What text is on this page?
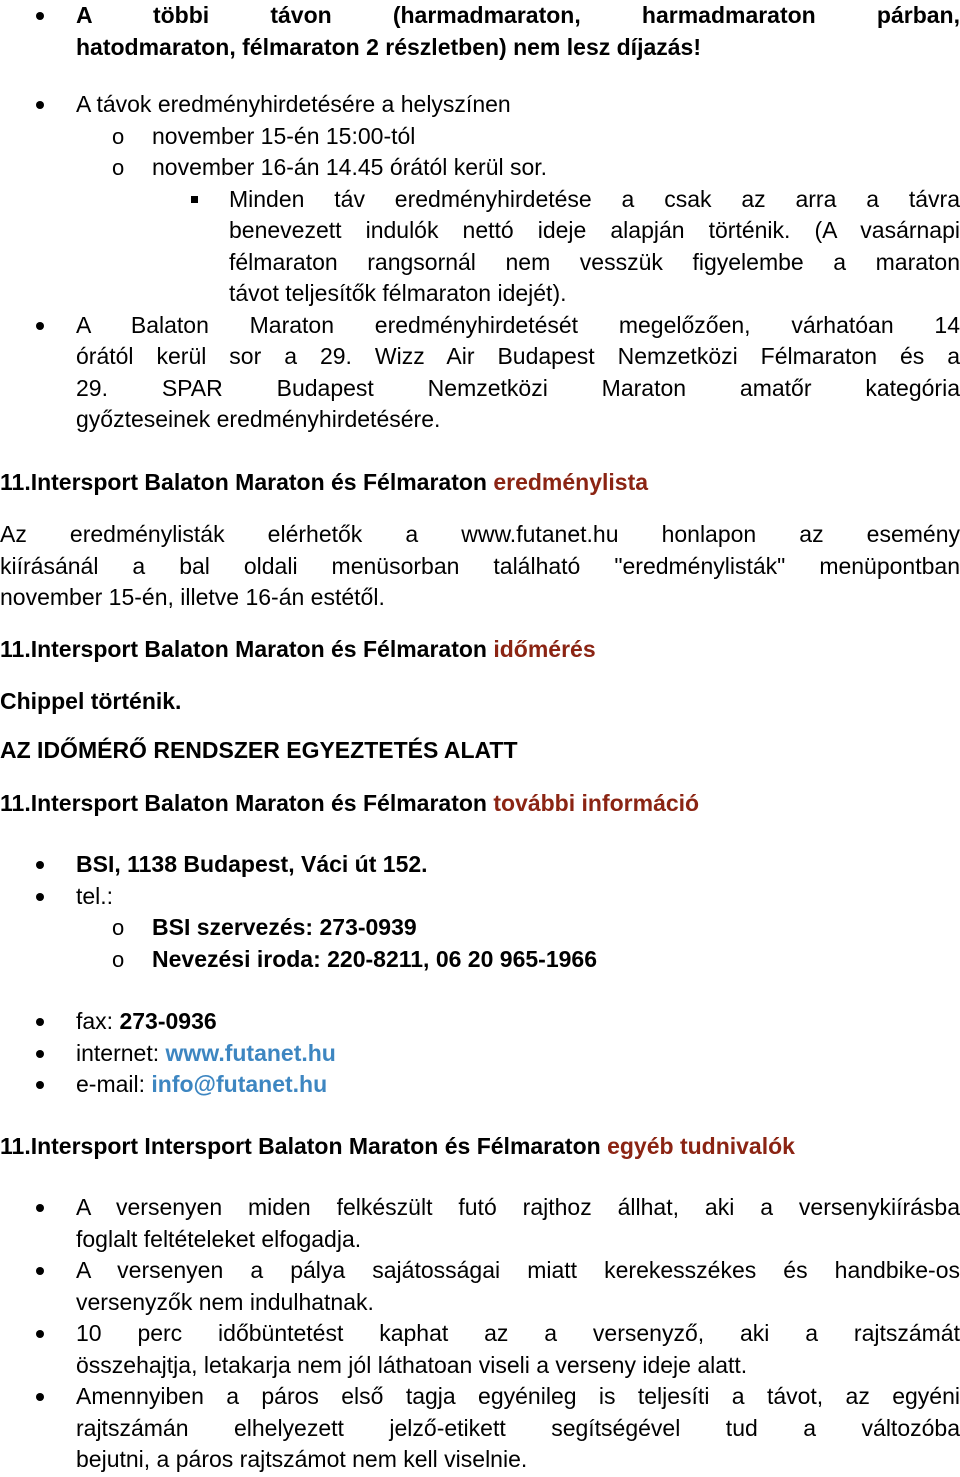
A többi távon (harmadmaraton, harmadmaraton párban,
hatodmaraton, félmaraton 2 részletben) nem lesz díjazás!
A távok eredményhirdetésére a helyszínen
o november 15-én 15:00-tól
o november 16-án 14.45 órától kerül sor.
Minden táv eredményhirdetése a csak az arra a távra
benevezett indulók nettó ideje alapján történik. (A vasárnapi
félmaraton rangsornál nem vesszük figyelembe a maraton
távot teljesítők félmaraton idejét).
A Balaton Maraton eredményhirdetését megelőzően, várhatóan 14
órától kerül sor a 29. Wizz Air Budapest Nemzetközi Félmaraton és a
29. SPAR Budapest Nemzetközi Maraton amatőr kategória
győzteseinek eredményhirdetésére.
11.Intersport Balaton Maraton és Félmaraton eredménylista
Az eredménylisták elérhetők a www.futanet.hu honlapon az esemény
kiírásánál a bal oldali menüsorban található "eredménylisták" menüpontban
november 15-én, illetve 16-án estétől.
11.Intersport Balaton Maraton és Félmaraton időmérés
Chippel történik.
AZ IDŐMÉRŐ RENDSZER EGYEZTETÉS ALATT
11.Intersport Balaton Maraton és Félmaraton további információ
BSI, 1138 Budapest, Váci út 152.
tel.:
o BSI szervezés: 273-0939
o Nevezési iroda: 220-8211, 06 20 965-1966
fax: 273-0936
internet: www.futanet.hu
e-mail: info@futanet.hu
11.Intersport Intersport Balaton Maraton és Félmaraton egyéb tudnivalók
A versenyen miden felkészült futó rajthoz állhat, aki a versenykiírásba
foglalt feltételeket elfogadja.
A versenyen a pálya sajátosságai miatt kerekesszékes és handbike-os
versenyzők nem indulhatnak.
10 perc időbüntetést kaphat az a versenyző, aki a rajtszámát
összehajtja, letakarja nem jól láthatoan viseli a verseny ideje alatt.
Amennyiben a páros első tagja egyénileg is teljesíti a távot, az egyéni
rajtszámán elhelyezett jelző-etikett segítségével tud a változóba
bejutni, a páros rajtszámot nem kell viselnie.
